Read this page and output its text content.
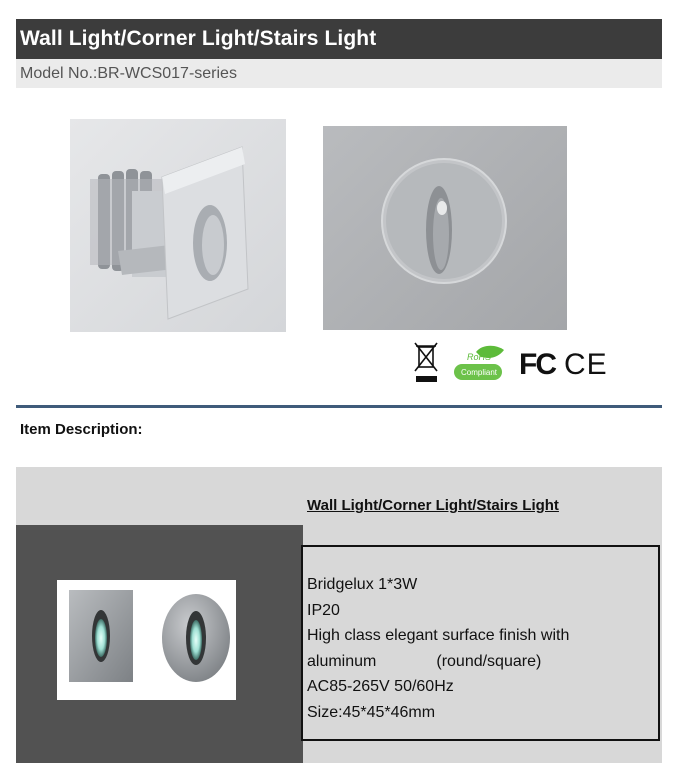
Wall Light/Corner Light/Stairs Light
Model No.:BR-WCS017-series
RoHS
Compliant FC CE
Item Description:
Wall Light/Corner Light/Stairs Light
Bridgelux 1*3W
IP20
High class elegant surface finish with
aluminum	(round/square)
AC85-265V 50/60Hz
Size:45*45*46mm
